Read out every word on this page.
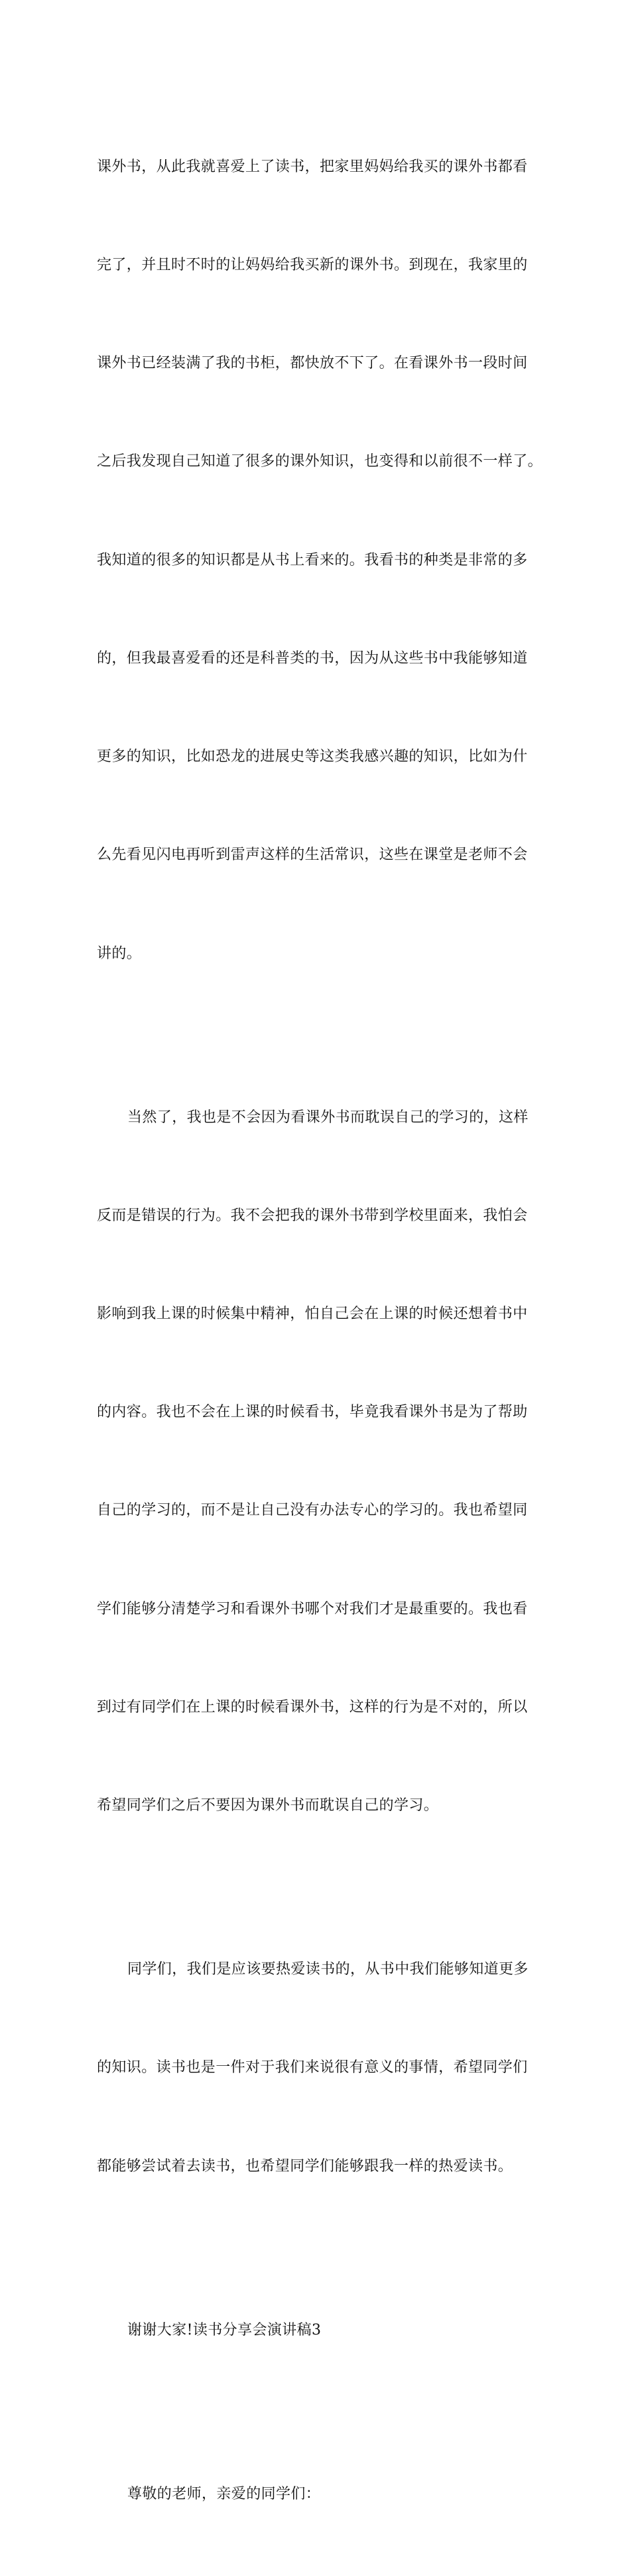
课外书，从此我就喜爱上了读书，把家里妈妈给我买的课外书都看

完了，并且时不时的让妈妈给我买新的课外书。到现在，我家里的

课外书已经装满了我的书柜，都快放不下了。在看课外书一段时间

之后我发现自己知道了很多的课外知识，也变得和以前很不一样了。

我知道的很多的知识都是从书上看来的。我看书的种类是非常的多

的，但我最喜爱看的还是科普类的书，因为从这些书中我能够知道

更多的知识，比如恐龙的进展史等这类我感兴趣的知识，比如为什

么先看见闪电再听到雷声这样的生活常识，这些在课堂是老师不会

讲的。

当然了，我也是不会因为看课外书而耽误自己的学习的，这样

反而是错误的行为。我不会把我的课外书带到学校里面来，我怕会

影响到我上课的时候集中精神，怕自己会在上课的时候还想着书中

的内容。我也不会在上课的时候看书，毕竟我看课外书是为了帮助

自己的学习的，而不是让自己没有办法专心的学习的。我也希望同

学们能够分清楚学习和看课外书哪个对我们才是最重要的。我也看

到过有同学们在上课的时候看课外书，这样的行为是不对的，所以

希望同学们之后不要因为课外书而耽误自己的学习。

同学们，我们是应该要热爱读书的，从书中我们能够知道更多

的知识。读书也是一件对于我们来说很有意义的事情，希望同学们

都能够尝试着去读书，也希望同学们能够跟我一样的热爱读书。

谢谢大家!读书分享会演讲稿3

尊敬的老师，亲爱的同学们：
